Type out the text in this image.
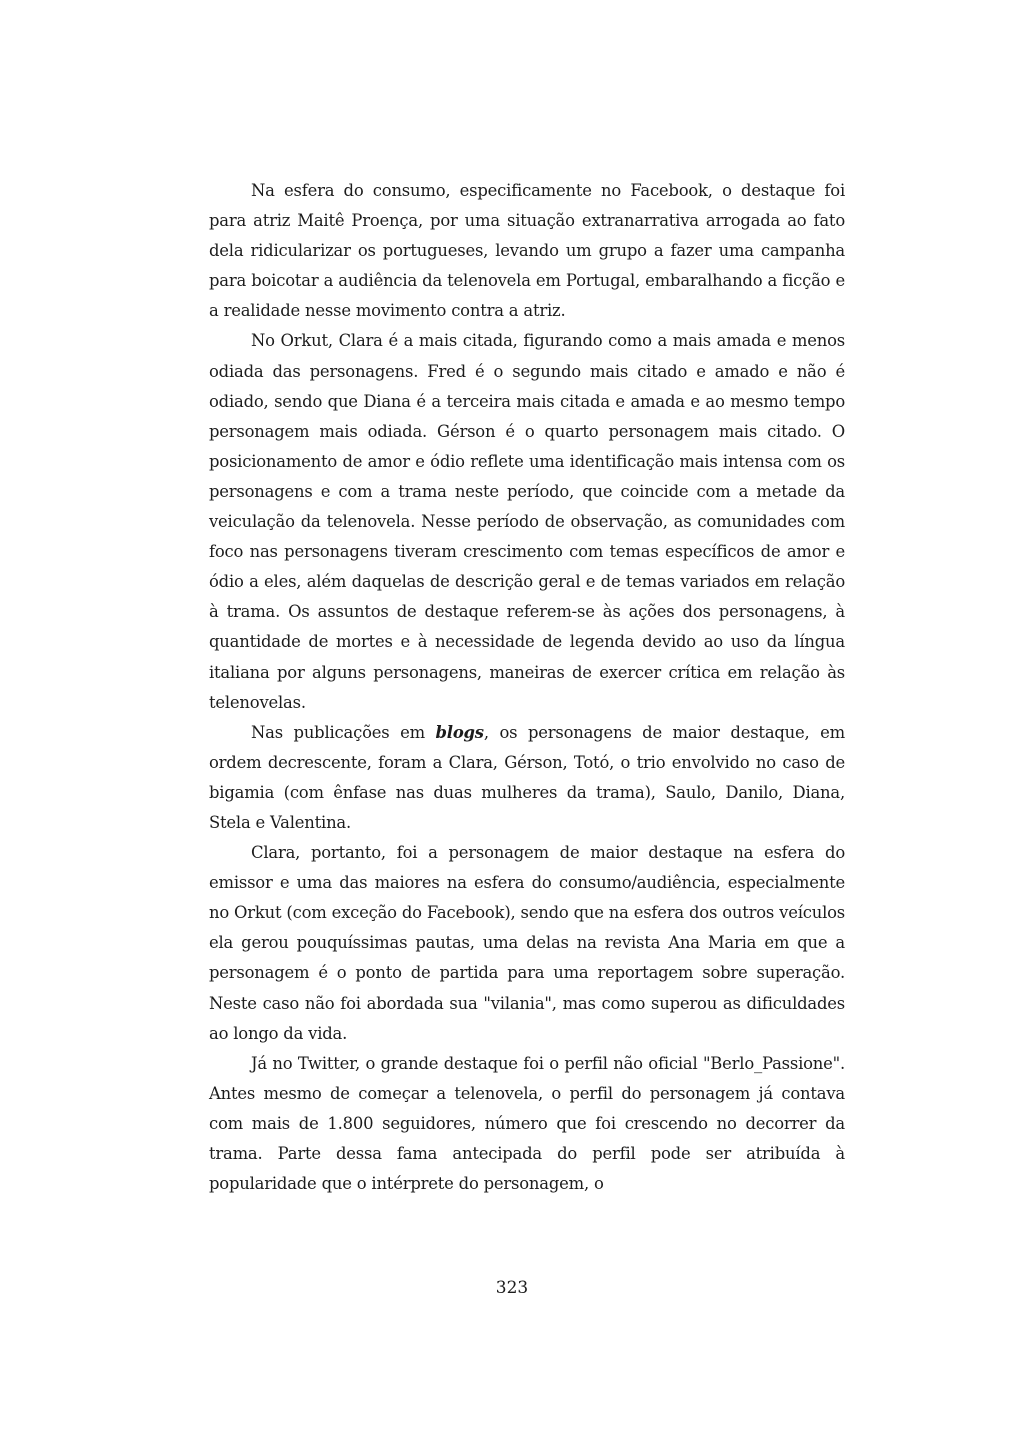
Na esfera do consumo, especificamente no Facebook, o destaque foi para atriz Maitê Proença, por uma situação extranarrativa arrogada ao fato dela ridicularizar os portugueses, levando um grupo a fazer uma campanha para boicotar a audiência da telenovela em Portugal, embaralhando a ficção e a realidade nesse movimento contra a atriz.

No Orkut, Clara é a mais citada, figurando como a mais amada e menos odiada das personagens. Fred é o segundo mais citado e amado e não é odiado, sendo que Diana é a terceira mais citada e amada e ao mesmo tempo personagem mais odiada. Gérson é o quarto personagem mais citado. O posicionamento de amor e ódio reflete uma identificação mais intensa com os personagens e com a trama neste período, que coincide com a metade da veiculação da telenovela. Nesse período de observação, as comunidades com foco nas personagens tiveram crescimento com temas específicos de amor e ódio a eles, além daquelas de descrição geral e de temas variados em relação à trama. Os assuntos de destaque referem-se às ações dos personagens, à quantidade de mortes e à necessidade de legenda devido ao uso da língua italiana por alguns personagens, maneiras de exercer crítica em relação às telenovelas.

Nas publicações em blogs, os personagens de maior destaque, em ordem decrescente, foram a Clara, Gérson, Totó, o trio envolvido no caso de bigamia (com ênfase nas duas mulheres da trama), Saulo, Danilo, Diana, Stela e Valentina.

Clara, portanto, foi a personagem de maior destaque na esfera do emissor e uma das maiores na esfera do consumo/audiência, especialmente no Orkut (com exceção do Facebook), sendo que na esfera dos outros veículos ela gerou pouquíssimas pautas, uma delas na revista Ana Maria em que a personagem é o ponto de partida para uma reportagem sobre superação. Neste caso não foi abordada sua "vilania", mas como superou as dificuldades ao longo da vida.

Já no Twitter, o grande destaque foi o perfil não oficial "Berlo_Passione". Antes mesmo de começar a telenovela, o perfil do personagem já contava com mais de 1.800 seguidores, número que foi crescendo no decorrer da trama. Parte dessa fama antecipada do perfil pode ser atribuída à popularidade que o intérprete do personagem, o

323
